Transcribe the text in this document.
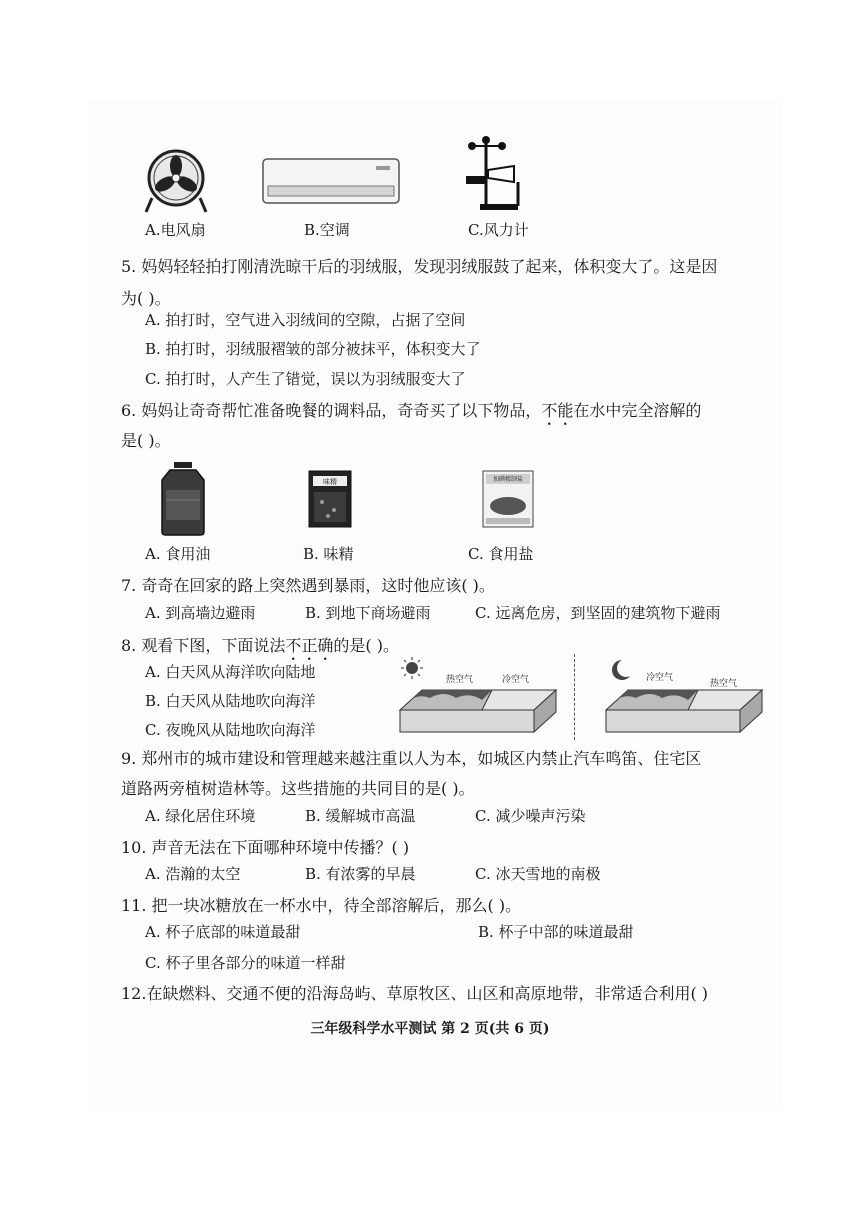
A.电风扇	B.空调	C.风力计
5. 妈妈轻轻拍打刚清洗晾干后的羽绒服，发现羽绒服鼓了起来，体积变大了。这是因
为( )。
A. 拍打时，空气进入羽绒间的空隙，占据了空间
B. 拍打时，羽绒服褶皱的部分被抹平，体积变大了
C. 拍打时，人产生了错觉，误以为羽绒服变大了
6. 妈妈让奇奇帮忙准备晚餐的调料品，奇奇买了以下物品，不能在水中完全溶解的
是( )。
味精	加碘精制盐
A. 食用油	B. 味精	C. 食用盐
7. 奇奇在回家的路上突然遇到暴雨，这时他应该( )。
A. 到高墙边避雨	B. 到地下商场避雨	C. 远离危房，到坚固的建筑物下避雨
8. 观看下图，下面说法不正确的是( )。
A. 白天风从海洋吹向陆地
B. 白天风从陆地吹向海洋
C. 夜晚风从陆地吹向海洋
热空气	冷空气	冷空气
热空气
9. 郑州市的城市建设和管理越来越注重以人为本，如城区内禁止汽车鸣笛、住宅区
道路两旁植树造林等。这些措施的共同目的是( )。
A. 绿化居住环境	B. 缓解城市高温	C. 减少噪声污染
10. 声音无法在下面哪种环境中传播？( )
A. 浩瀚的太空	B. 有浓雾的早晨	C. 冰天雪地的南极
11. 把一块冰糖放在一杯水中，待全部溶解后，那么( )。
A. 杯子底部的味道最甜	B. 杯子中部的味道最甜
C. 杯子里各部分的味道一样甜
12.在缺燃料、交通不便的沿海岛屿、草原牧区、山区和高原地带，非常适合利用( )
三年级科学水平测试 第 2 页(共 6 页)
